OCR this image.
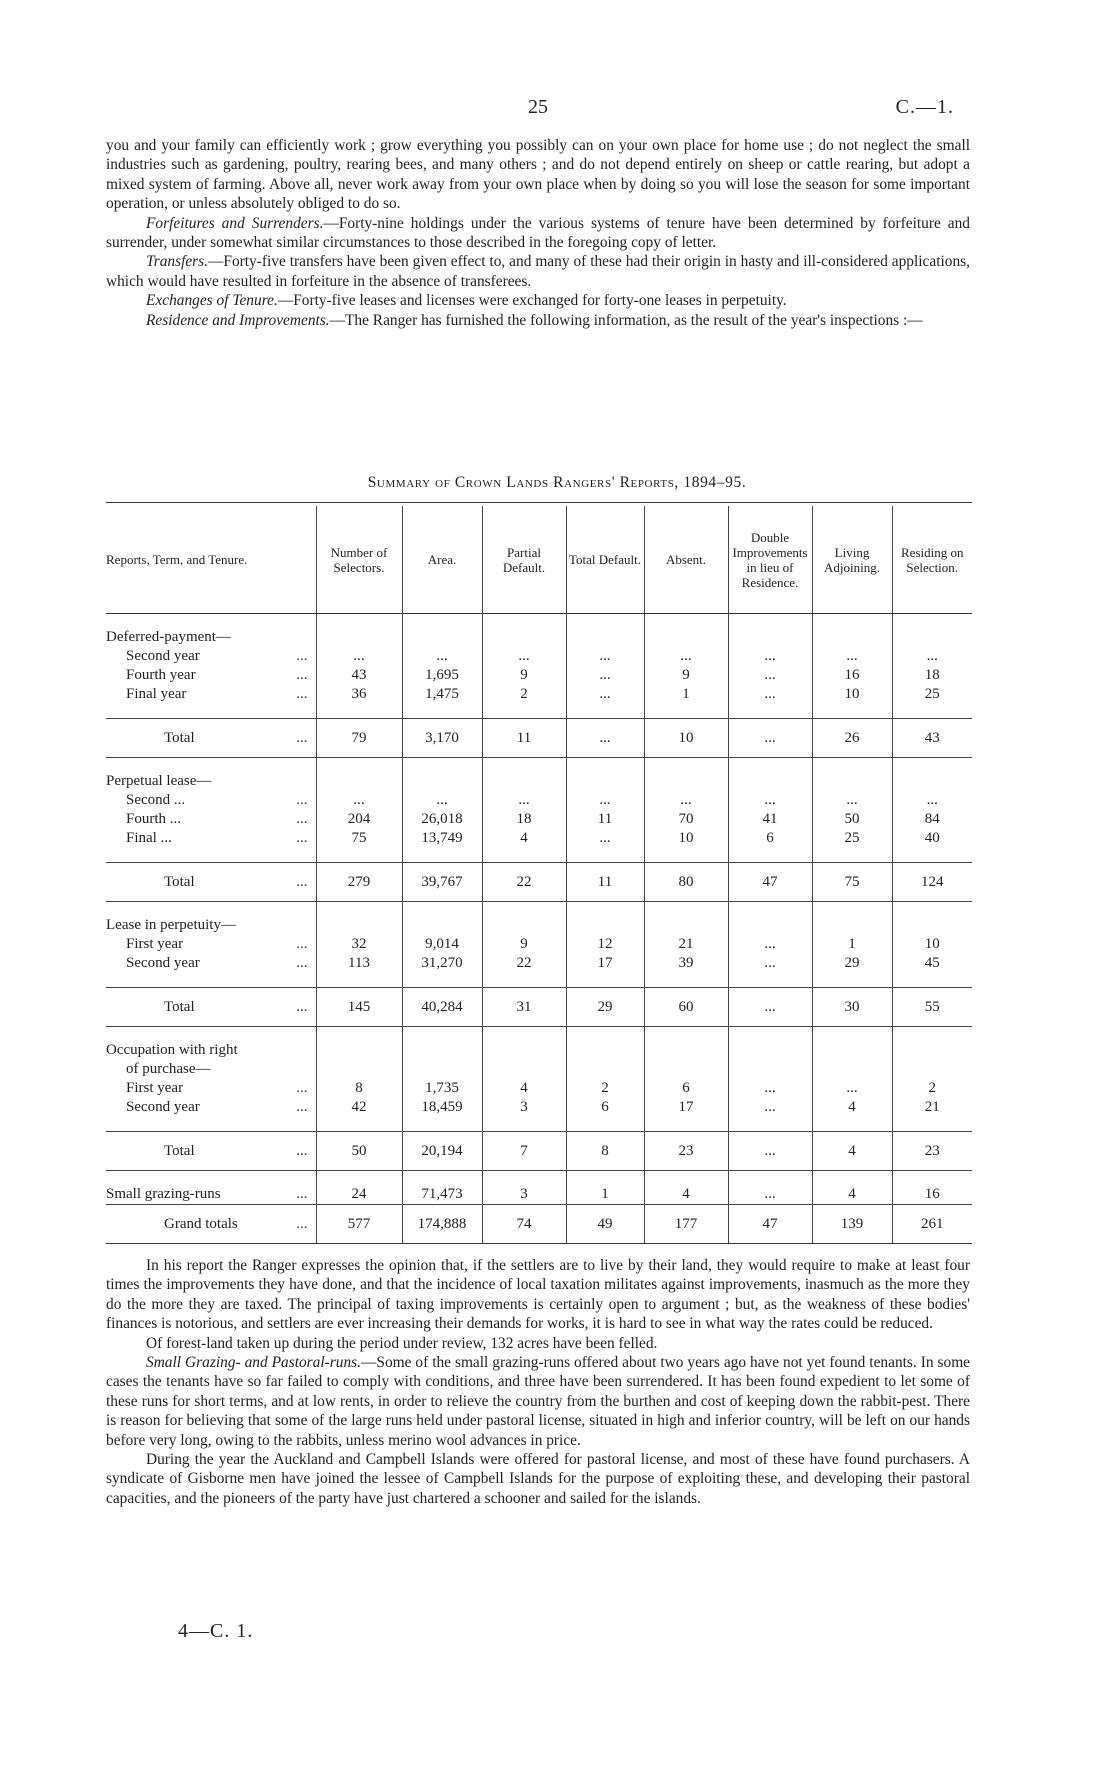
25	C.—1.

you and your family can efficiently work ; grow everything you possibly can on your own place for home use ; do not neglect the small industries such as gardening, poultry, rearing bees, and many others ; and do not depend entirely on sheep or cattle rearing, but adopt a mixed system of farming. Above all, never work away from your own place when by doing so you will lose the season for some important operation, or unless absolutely obliged to do so.

Forfeitures and Surrenders.—Forty-nine holdings under the various systems of tenure have been determined by forfeiture and surrender, under somewhat similar circumstances to those described in the foregoing copy of letter.

Transfers.—Forty-five transfers have been given effect to, and many of these had their origin in hasty and ill-considered applications, which would have resulted in forfeiture in the absence of transferees.

Exchanges of Tenure.—Forty-five leases and licenses were exchanged for forty-one leases in perpetuity.

Residence and Improvements.—The Ranger has furnished the following information, as the result of the year's inspections :—

Summary of Crown Lands Rangers' Reports, 1894–95.
Reports, Term, and Tenure.	Number of Selectors.	Area.	Partial Default.	Total Default.	Absent.	Double Improvements in lieu of Residence.	Living Adjoining.	Residing on Selection.

Deferred-payment—								
Second year ...	...	...	...	...	...	...	...	...
Fourth year ...	43	1,695	9	...	9	...	16	18
Final year ...	36	1,475	2	...	1	...	10	25

Total ...	79	3,170	11	...	10	...	26	43

Perpetual lease—								
Second ... ...	...	...	...	...	...	...	...	...
Fourth ... ...	204	26,018	18	11	70	41	50	84
Final ... ...	75	13,749	4	...	10	6	25	40

Total ...	279	39,767	22	11	80	47	75	124

Lease in perpetuity—								
First year ...	32	9,014	9	12	21	...	1	10
Second year ...	113	31,270	22	17	39	...	29	45

Total ...	145	40,284	31	29	60	...	30	55

Occupation with right								
of purchase—								
First year ...	8	1,735	4	2	6	...	...	2
Second year ...	42	18,459	3	6	17	...	4	21

Total ...	50	20,194	7	8	23	...	4	23

Small grazing-runs ...	24	71,473	3	1	4	...	4	16
Grand totals ...	577	174,888	74	49	177	47	139	261

In his report the Ranger expresses the opinion that, if the settlers are to live by their land, they would require to make at least four times the improvements they have done, and that the incidence of local taxation militates against improvements, inasmuch as the more they do the more they are taxed. The principal of taxing improvements is certainly open to argument ; but, as the weakness of these bodies' finances is notorious, and settlers are ever increasing their demands for works, it is hard to see in what way the rates could be reduced.

Of forest-land taken up during the period under review, 132 acres have been felled.

Small Grazing- and Pastoral-runs.—Some of the small grazing-runs offered about two years ago have not yet found tenants. In some cases the tenants have so far failed to comply with conditions, and three have been surrendered. It has been found expedient to let some of these runs for short terms, and at low rents, in order to relieve the country from the burthen and cost of keeping down the rabbit-pest. There is reason for believing that some of the large runs held under pastoral license, situated in high and inferior country, will be left on our hands before very long, owing to the rabbits, unless merino wool advances in price.

During the year the Auckland and Campbell Islands were offered for pastoral license, and most of these have found purchasers. A syndicate of Gisborne men have joined the lessee of Campbell Islands for the purpose of exploiting these, and developing their pastoral capacities, and the pioneers of the party have just chartered a schooner and sailed for the islands.

4—C. 1.
